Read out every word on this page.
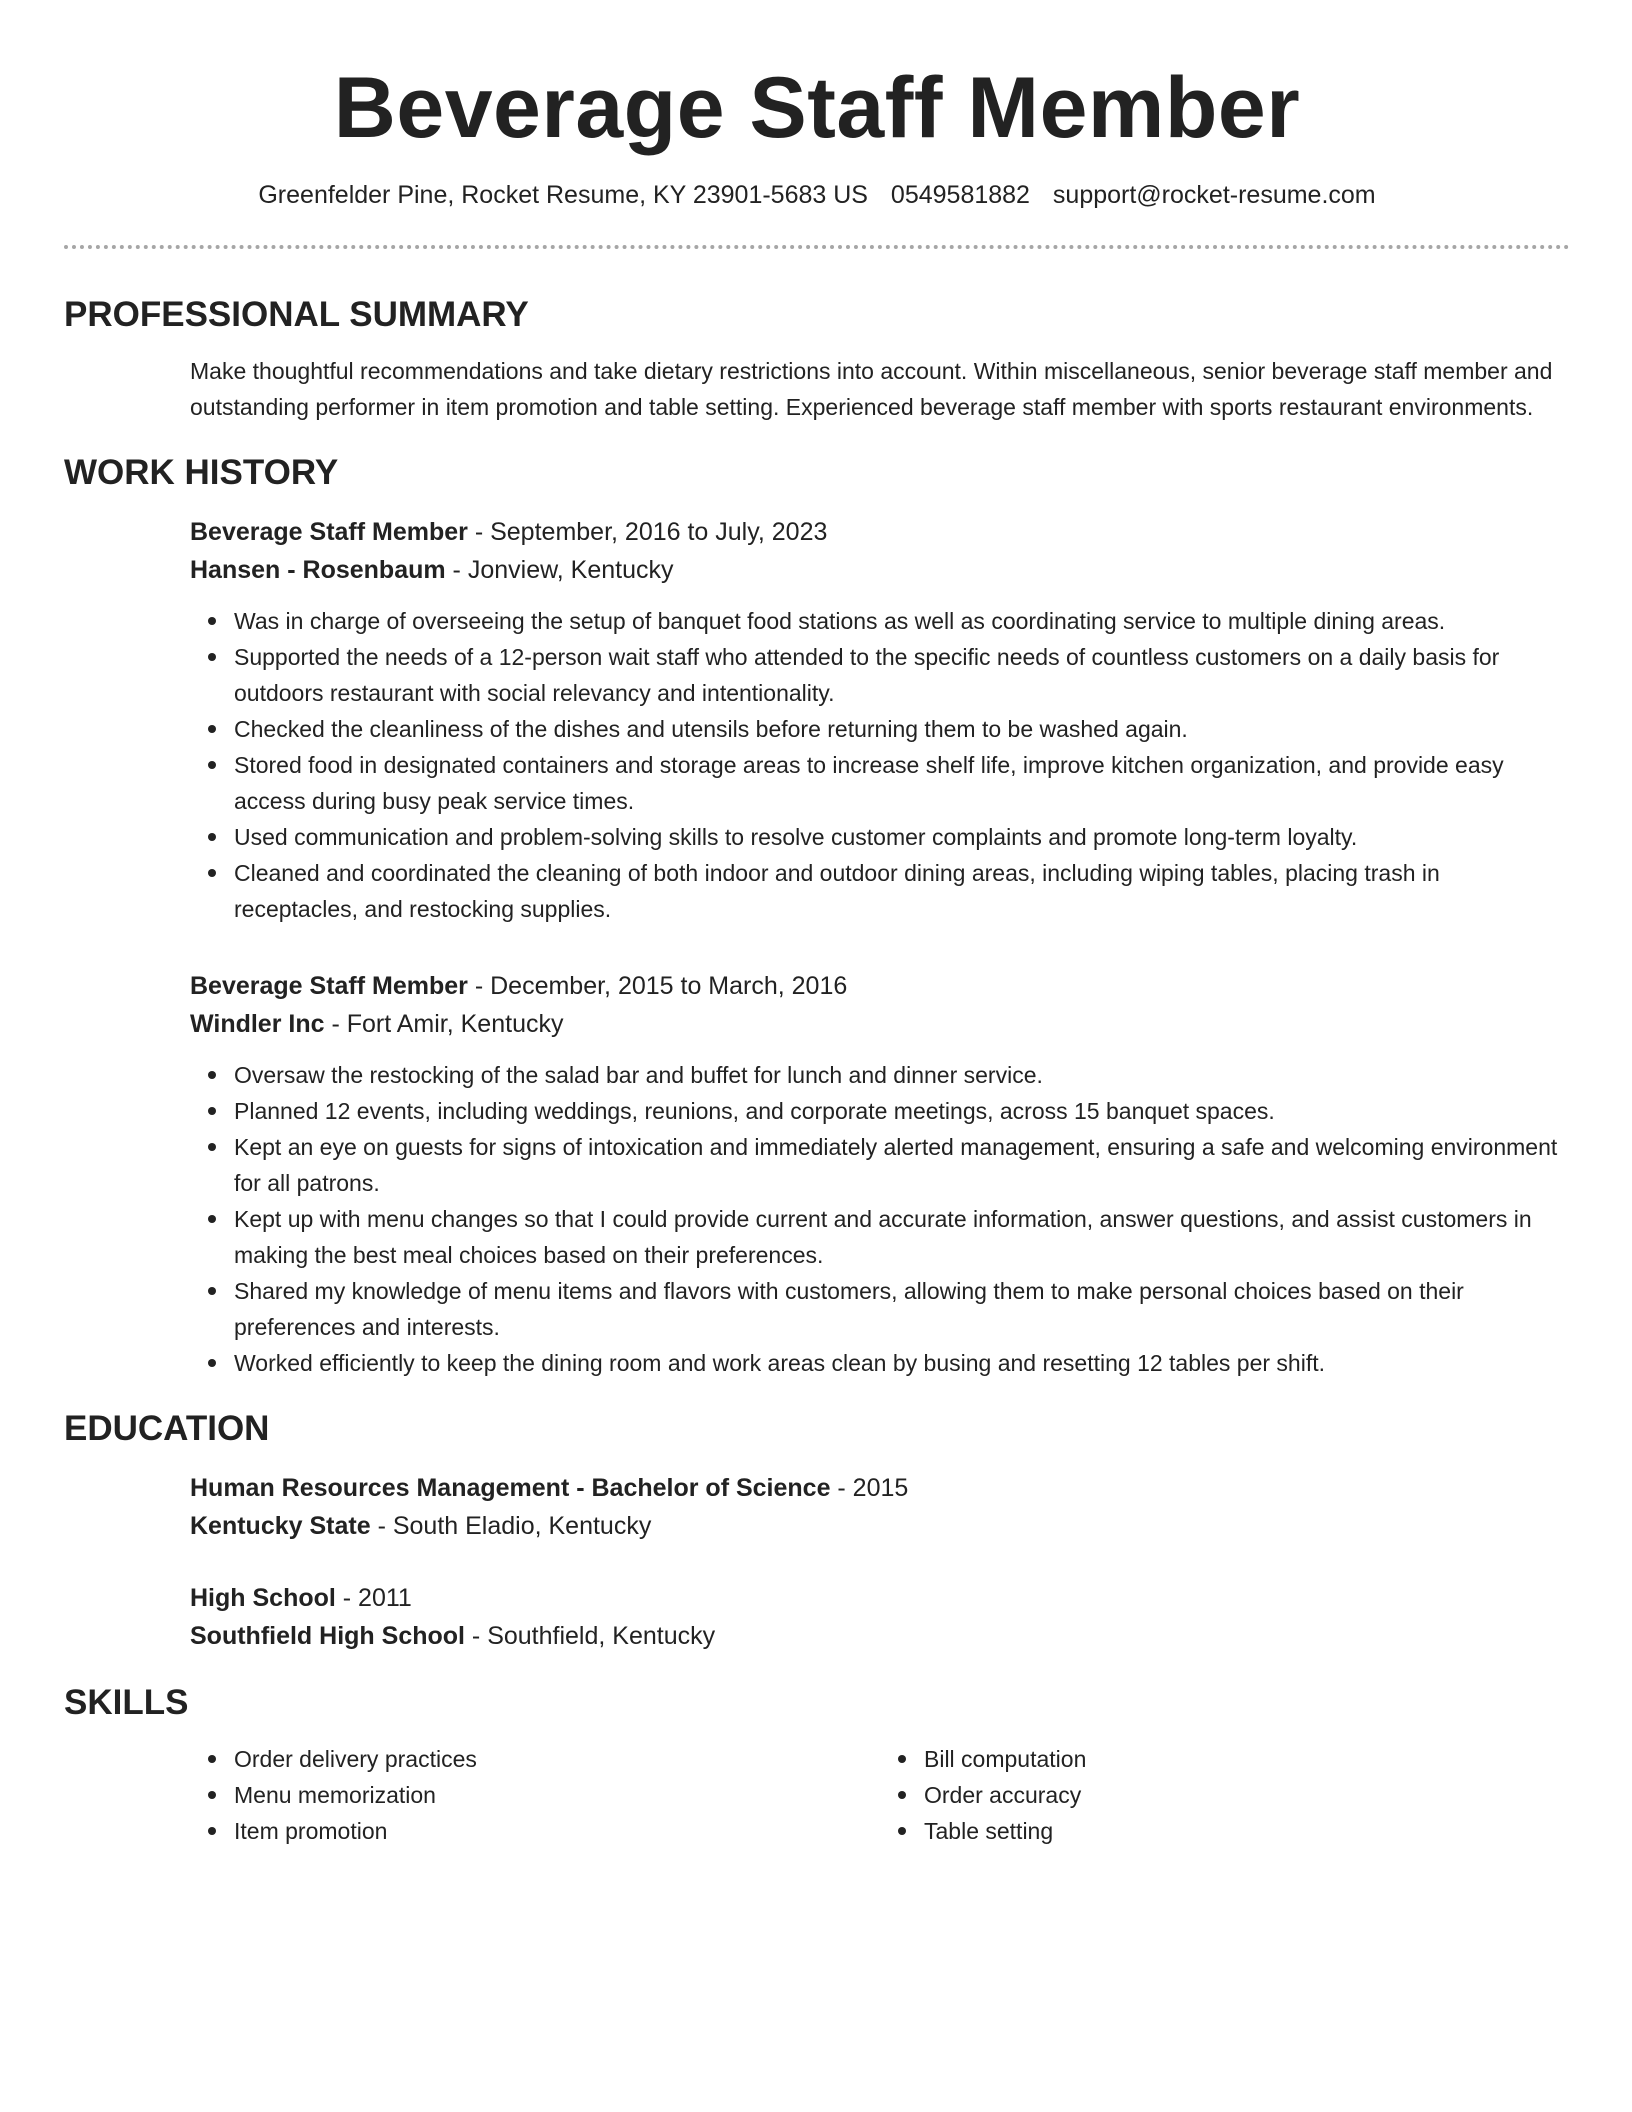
Beverage Staff Member
Greenfelder Pine, Rocket Resume, KY 23901-5683 US 0549581882 support@rocket-resume.com
PROFESSIONAL SUMMARY
Make thoughtful recommendations and take dietary restrictions into account. Within miscellaneous, senior beverage staff member and outstanding performer in item promotion and table setting. Experienced beverage staff member with sports restaurant environments.
WORK HISTORY
Beverage Staff Member - September, 2016 to July, 2023
Hansen - Rosenbaum - Jonview, Kentucky
Was in charge of overseeing the setup of banquet food stations as well as coordinating service to multiple dining areas.
Supported the needs of a 12-person wait staff who attended to the specific needs of countless customers on a daily basis for outdoors restaurant with social relevancy and intentionality.
Checked the cleanliness of the dishes and utensils before returning them to be washed again.
Stored food in designated containers and storage areas to increase shelf life, improve kitchen organization, and provide easy access during busy peak service times.
Used communication and problem-solving skills to resolve customer complaints and promote long-term loyalty.
Cleaned and coordinated the cleaning of both indoor and outdoor dining areas, including wiping tables, placing trash in receptacles, and restocking supplies.
Beverage Staff Member - December, 2015 to March, 2016
Windler Inc - Fort Amir, Kentucky
Oversaw the restocking of the salad bar and buffet for lunch and dinner service.
Planned 12 events, including weddings, reunions, and corporate meetings, across 15 banquet spaces.
Kept an eye on guests for signs of intoxication and immediately alerted management, ensuring a safe and welcoming environment for all patrons.
Kept up with menu changes so that I could provide current and accurate information, answer questions, and assist customers in making the best meal choices based on their preferences.
Shared my knowledge of menu items and flavors with customers, allowing them to make personal choices based on their preferences and interests.
Worked efficiently to keep the dining room and work areas clean by busing and resetting 12 tables per shift.
EDUCATION
Human Resources Management - Bachelor of Science - 2015
Kentucky State - South Eladio, Kentucky
High School - 2011
Southfield High School - Southfield, Kentucky
SKILLS
Order delivery practices
Menu memorization
Item promotion
Bill computation
Order accuracy
Table setting
